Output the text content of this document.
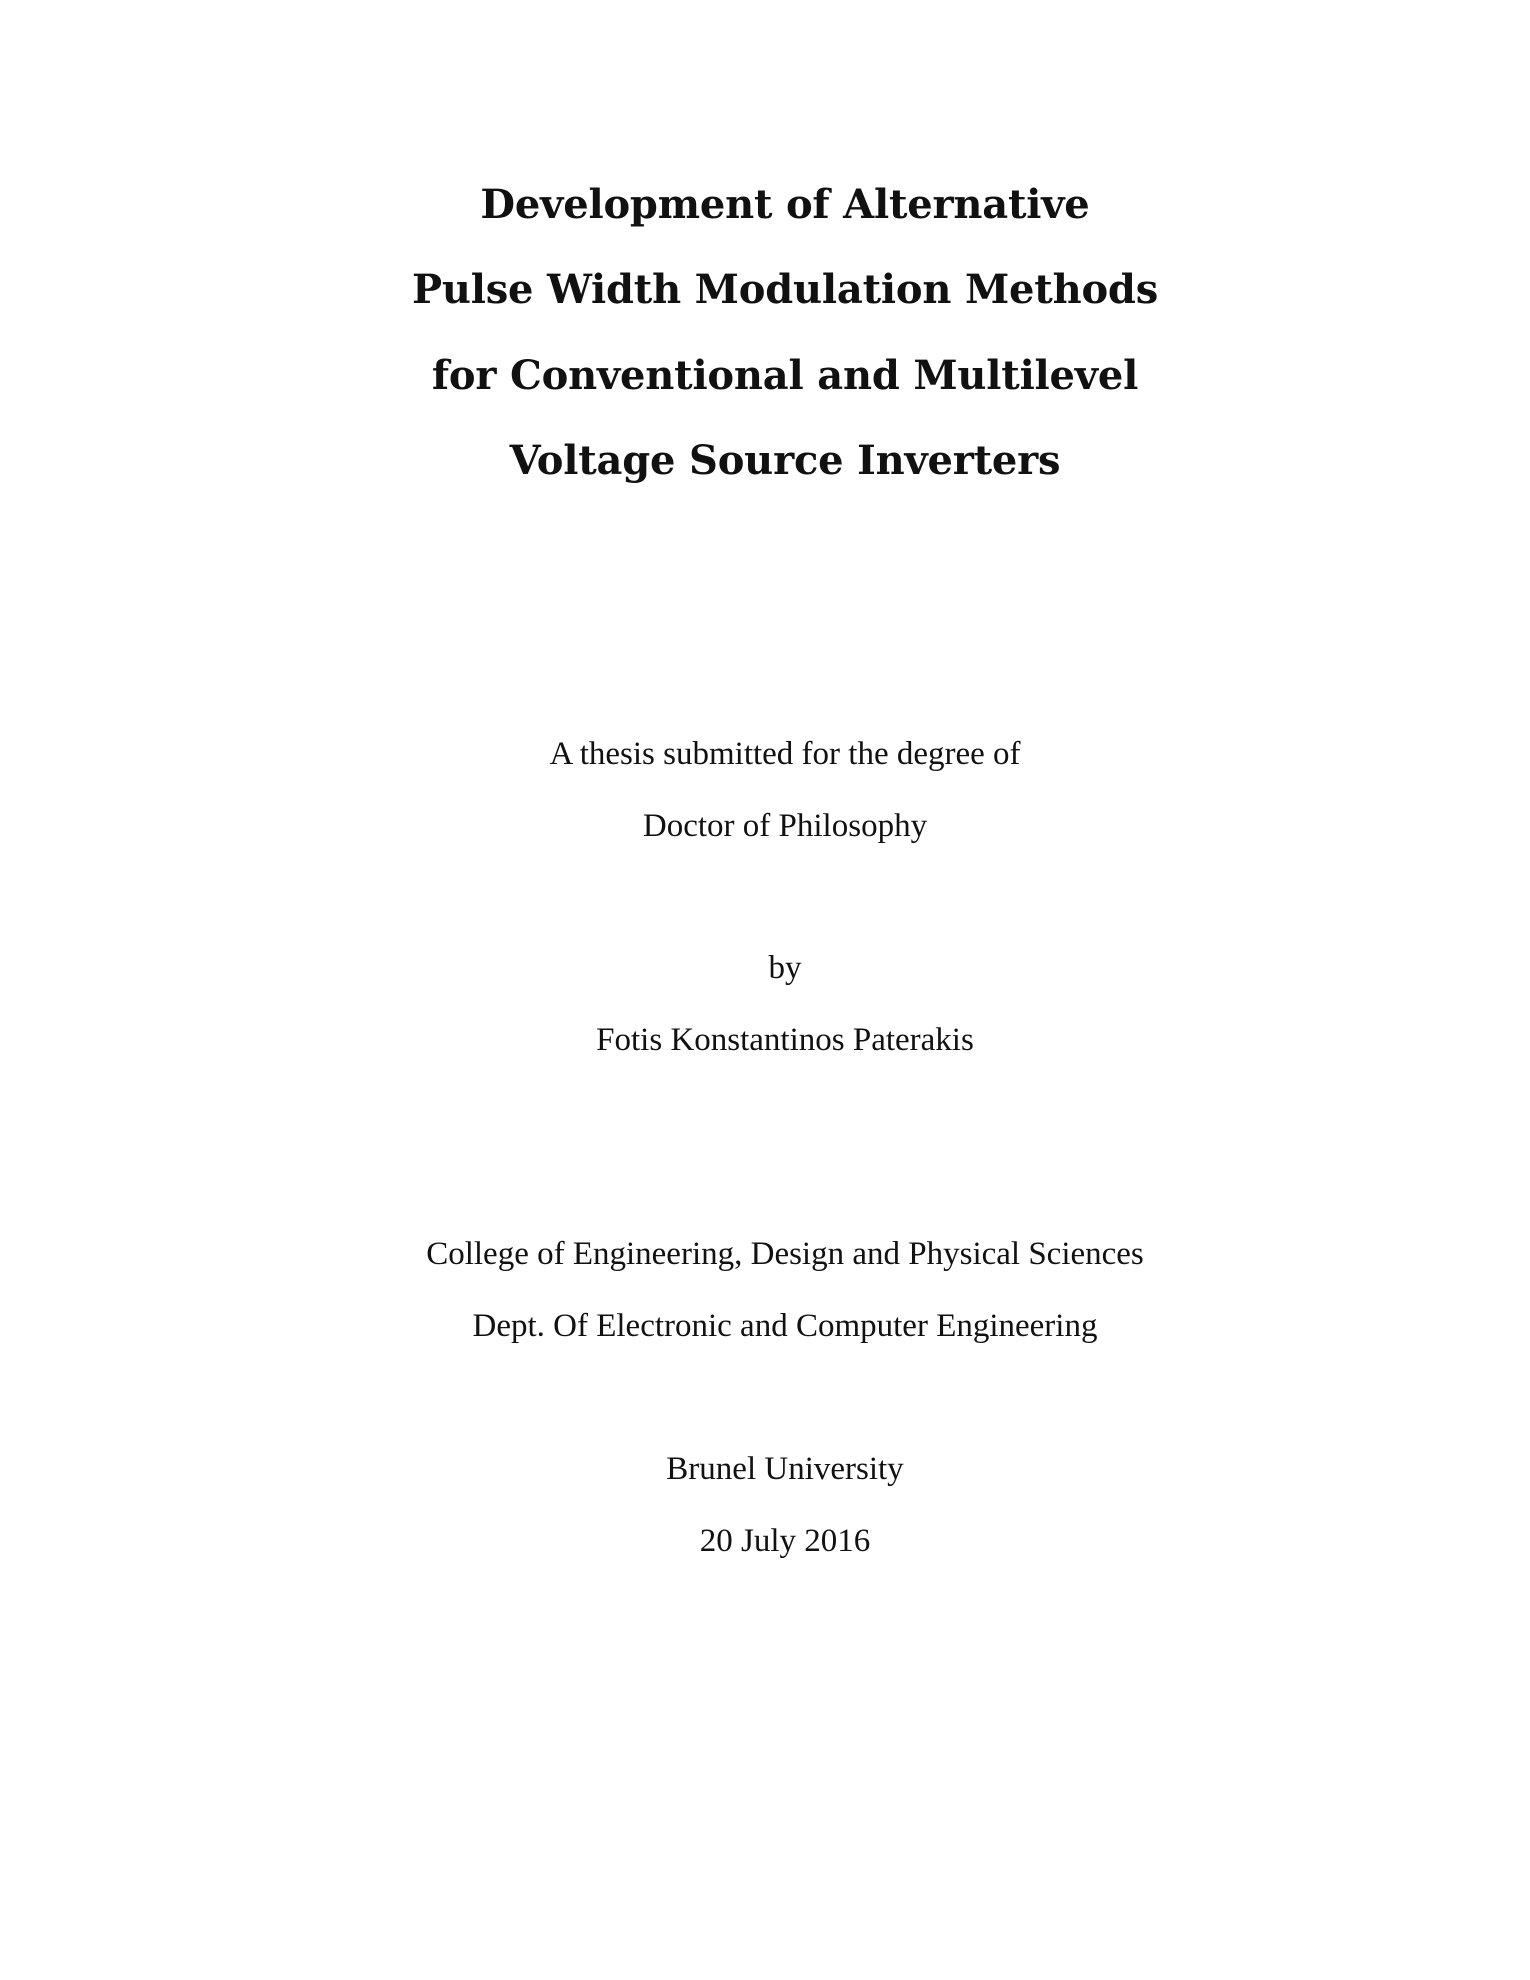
Development of Alternative

Pulse Width Modulation Methods

for Conventional and Multilevel

Voltage Source Inverters

A thesis submitted for the degree of

Doctor of Philosophy

by

Fotis Konstantinos Paterakis

College of Engineering, Design and Physical Sciences

Dept. Of Electronic and Computer Engineering

Brunel University

20 July 2016
